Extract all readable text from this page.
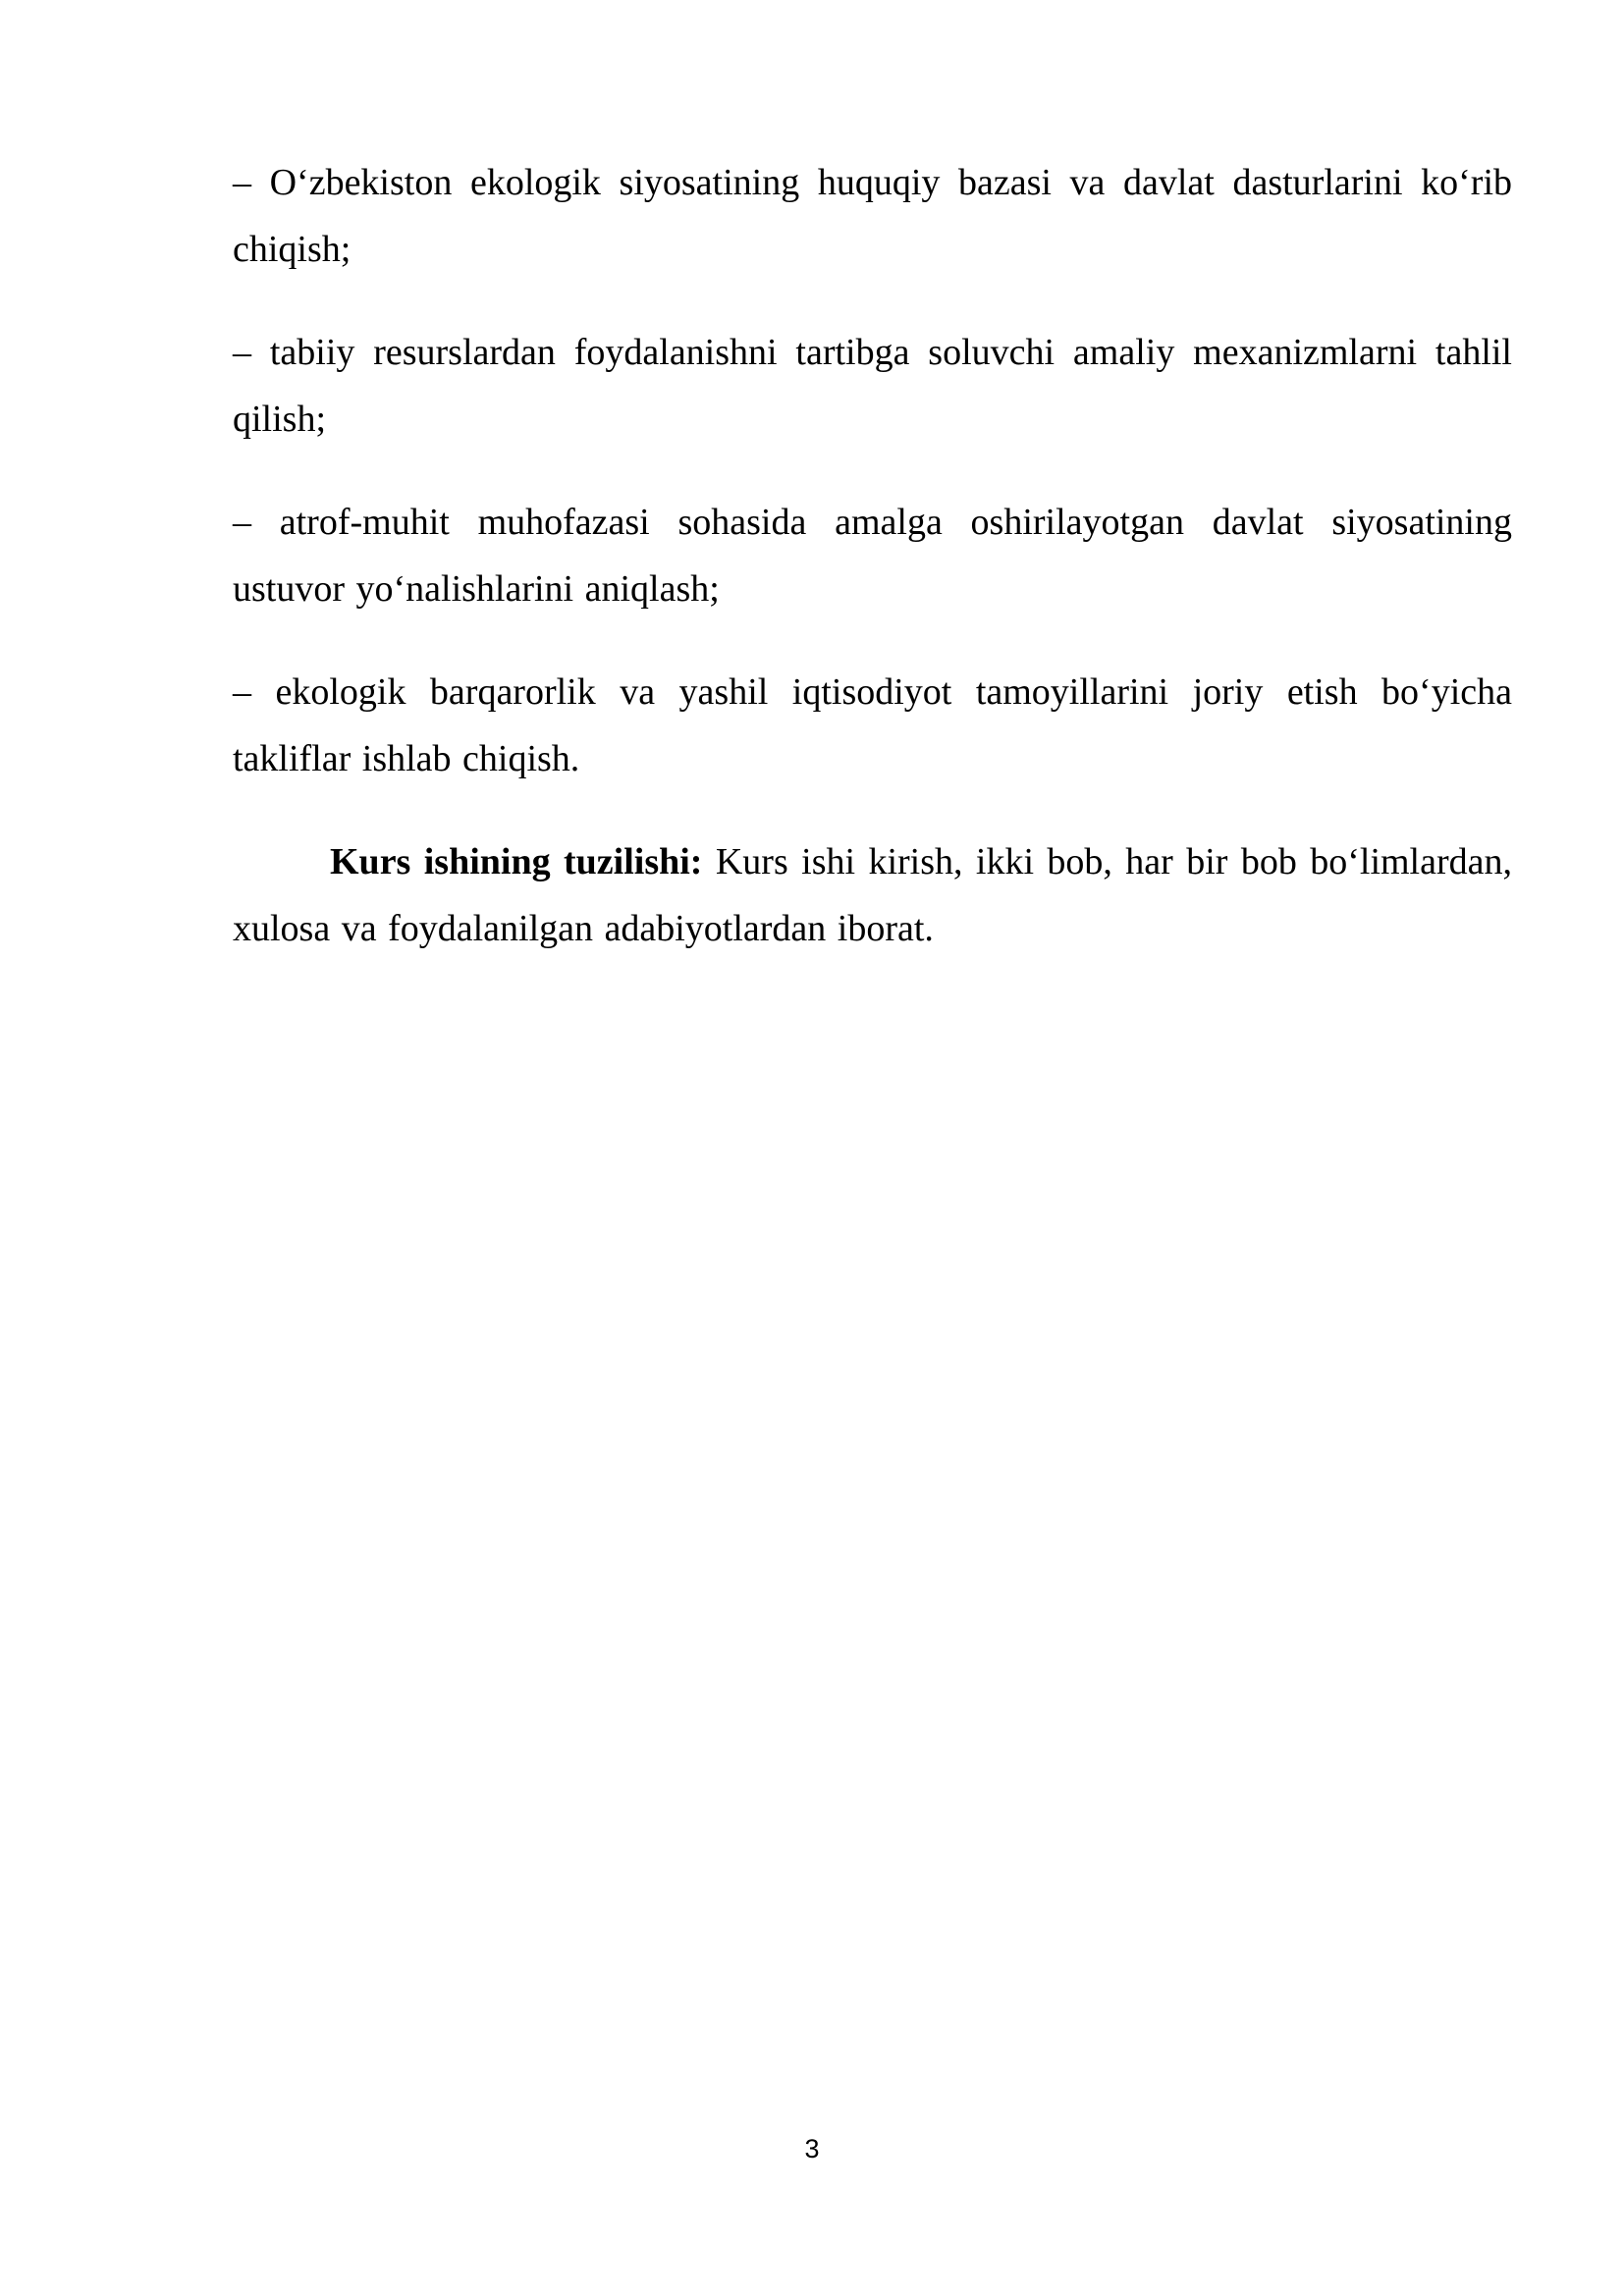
– O‘zbekiston ekologik siyosatining huquqiy bazasi va davlat dasturlarini ko‘rib chiqish;

– tabiiy resurslardan foydalanishni tartibga soluvchi amaliy mexanizmlarni tahlil qilish;

– atrof-muhit muhofazasi sohasida amalga oshirilayotgan davlat siyosatining ustuvor yo‘nalishlarini aniqlash;

– ekologik barqarorlik va yashil iqtisodiyot tamoyillarini joriy etish bo‘yicha takliflar ishlab chiqish.

Kurs ishining tuzilishi: Kurs ishi kirish, ikki bob, har bir bob bo‘limlardan, xulosa va foydalanilgan adabiyotlardan iborat.

3
